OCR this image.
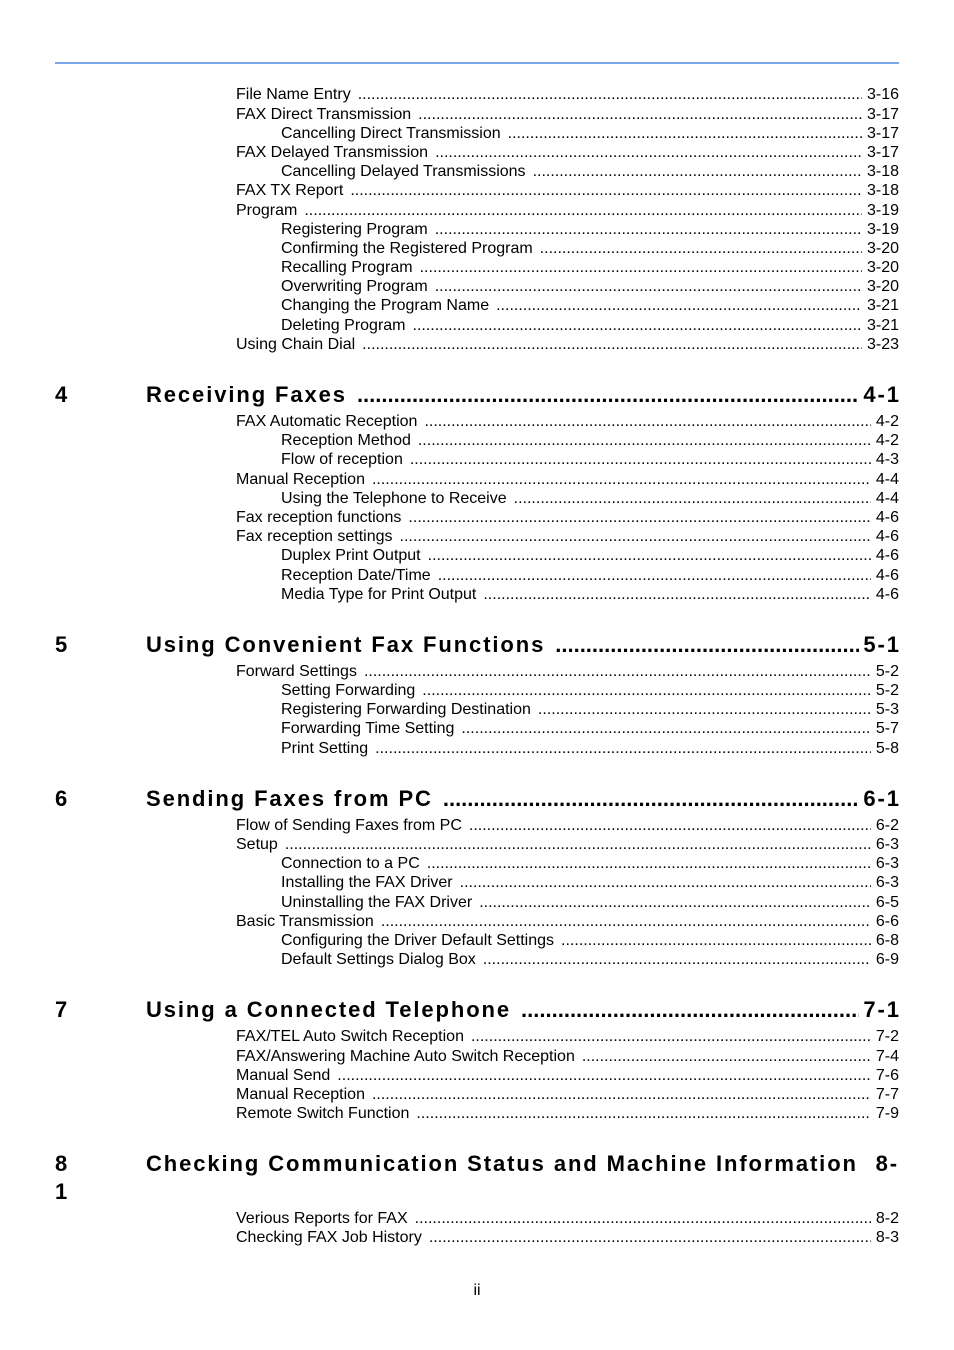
File Name Entry .....	3-16
FAX Direct Transmission .....	3-17
Cancelling Direct Transmission .....	3-17
FAX Delayed Transmission .....	3-17
Cancelling Delayed Transmissions .....	3-18
FAX TX Report .....	3-18
Program .....	3-19
Registering Program .....	3-19
Confirming the Registered Program .....	3-20
Recalling Program .....	3-20
Overwriting Program .....	3-20
Changing the Program Name .....	3-21
Deleting Program .....	3-21
Using Chain Dial .....	3-23
4	Receiving Faxes .....	4-1
FAX Automatic Reception .....	4-2
Reception Method .....	4-2
Flow of reception .....	4-3
Manual Reception .....	4-4
Using the Telephone to Receive .....	4-4
Fax reception functions .....	4-6
Fax reception settings .....	4-6
Duplex Print Output .....	4-6
Reception Date/Time .....	4-6
Media Type for Print Output .....	4-6
5	Using Convenient Fax Functions .....	5-1
Forward Settings .....	5-2
Setting Forwarding .....	5-2
Registering Forwarding Destination .....	5-3
Forwarding Time Setting .....	5-7
Print Setting .....	5-8
6	Sending Faxes from PC .....	6-1
Flow of Sending Faxes from PC .....	6-2
Setup .....	6-3
Connection to a PC .....	6-3
Installing the FAX Driver .....	6-3
Uninstalling the FAX Driver .....	6-5
Basic Transmission .....	6-6
Configuring the Driver Default Settings .....	6-8
Default Settings Dialog Box .....	6-9
7	Using a Connected Telephone .....	7-1
FAX/TEL Auto Switch Reception .....	7-2
FAX/Answering Machine Auto Switch Reception .....	7-4
Manual Send .....	7-6
Manual Reception .....	7-7
Remote Switch Function .....	7-9
8	Checking Communication Status and Machine Information 8-1
Verious Reports for FAX .....	8-2
Checking FAX Job History .....	8-3
ii
